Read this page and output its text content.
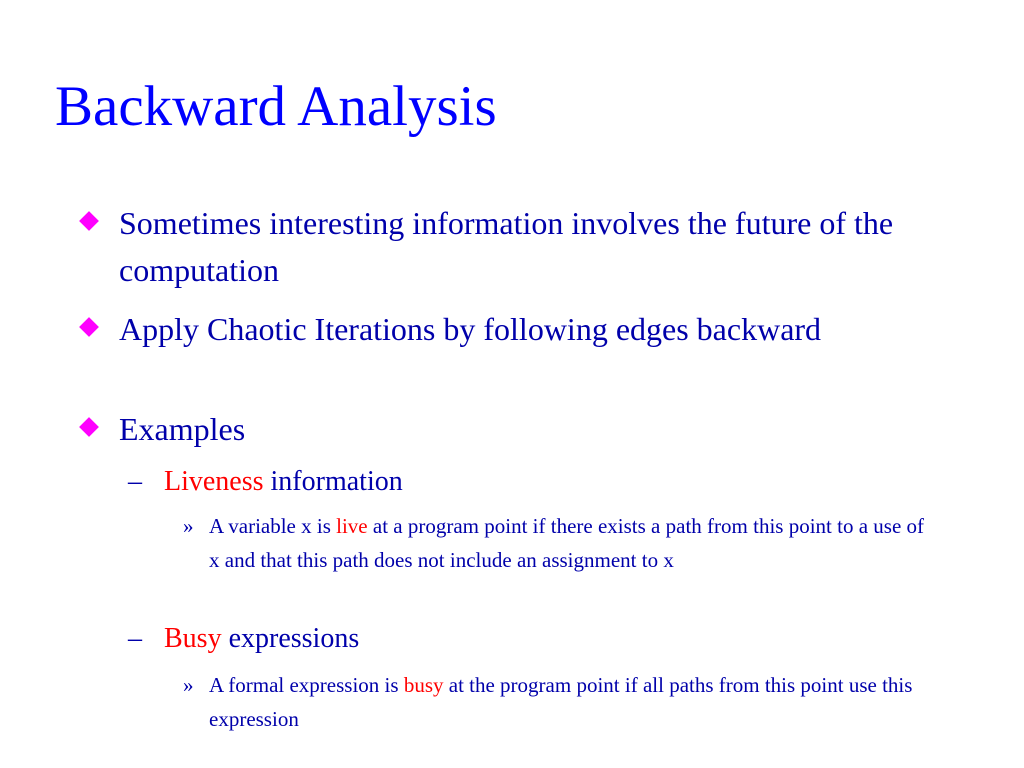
Backward Analysis
Sometimes interesting information involves the future of the computation
Apply Chaotic Iterations by following edges backward
Examples
– Liveness information
» A variable x is live at a program point if there exists a path from this point to a use of x and that this path does not include an assignment to x
– Busy expressions
» A formal expression is busy at the program point if all paths from this point use this expression
